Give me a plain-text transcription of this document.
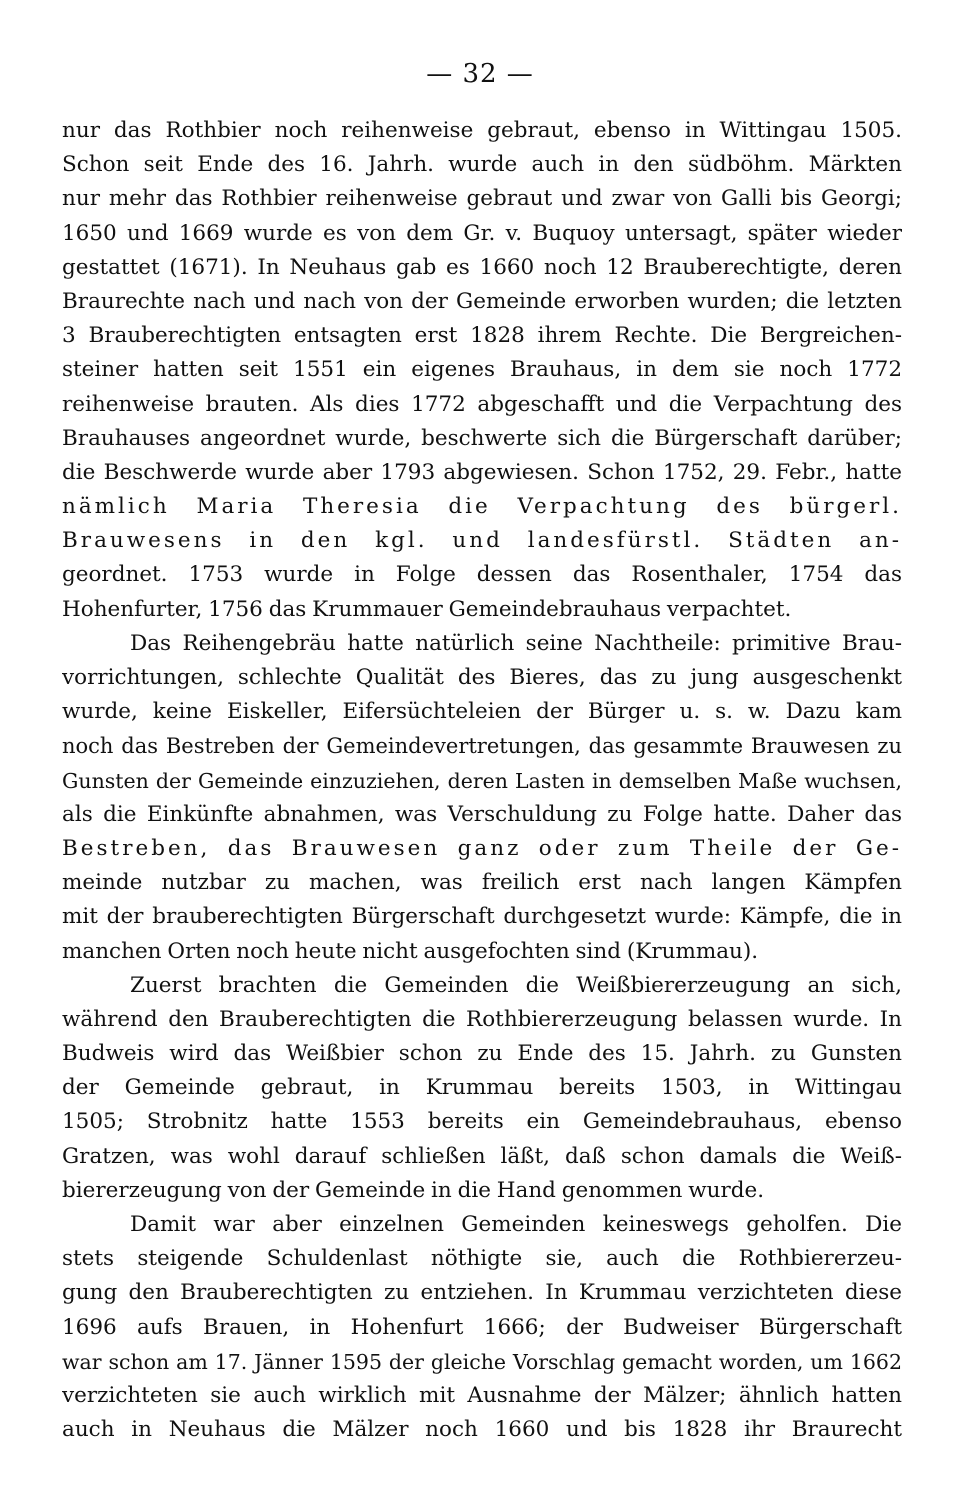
— 32 —
nur das Rothbier noch reihenweise gebraut, ebenso in Wittingau 1505.
Schon seit Ende des 16. Jahrh. wurde auch in den südböhm. Märkten
nur mehr das Rothbier reihenweise gebraut und zwar von Galli bis Georgi;
1650 und 1669 wurde es von dem Gr. v. Buquoy untersagt, später wieder
gestattet (1671). In Neuhaus gab es 1660 noch 12 Brauberechtigte, deren
Braurechte nach und nach von der Gemeinde erworben wurden; die letzten
3 Brauberechtigten entsagten erst 1828 ihrem Rechte. Die Bergreichen-
steiner hatten seit 1551 ein eigenes Brauhaus, in dem sie noch 1772
reihenweise brauten. Als dies 1772 abgeschafft und die Verpachtung des
Brauhauses angeordnet wurde, beschwerte sich die Bürgerschaft darüber;
die Beschwerde wurde aber 1793 abgewiesen. Schon 1752, 29. Febr., hatte
nämlich Maria Theresia die Verpachtung des bürgerl.
Brauwesens in den kgl. und landesfürstl. Städten an-
geordnet. 1753 wurde in Folge dessen das Rosenthaler, 1754 das
Hohenfurter, 1756 das Krummauer Gemeindebrauhaus verpachtet.
Das Reihengebräu hatte natürlich seine Nachtheile: primitive Brau-
vorrichtungen, schlechte Qualität des Bieres, das zu jung ausgeschenkt
wurde, keine Eiskeller, Eifersüchteleien der Bürger u. s. w. Dazu kam
noch das Bestreben der Gemeindevertretungen, das gesammte Brauwesen zu
Gunsten der Gemeinde einzuziehen, deren Lasten in demselben Maße wuchsen,
als die Einkünfte abnahmen, was Verschuldung zu Folge hatte. Daher das
Bestreben, das Brauwesen ganz oder zum Theile der Ge-
meinde nutzbar zu machen, was freilich erst nach langen Kämpfen
mit der brauberechtigten Bürgerschaft durchgesetzt wurde: Kämpfe, die in
manchen Orten noch heute nicht ausgefochten sind (Krummau).
Zuerst brachten die Gemeinden die Weißbiererzeugung an sich,
während den Brauberechtigten die Rothbiererzeugung belassen wurde. In
Budweis wird das Weißbier schon zu Ende des 15. Jahrh. zu Gunsten
der Gemeinde gebraut, in Krummau bereits 1503, in Wittingau
1505; Strobnitz hatte 1553 bereits ein Gemeindebrauhaus, ebenso
Gratzen, was wohl darauf schließen läßt, daß schon damals die Weiß-
biererzeugung von der Gemeinde in die Hand genommen wurde.
Damit war aber einzelnen Gemeinden keineswegs geholfen. Die
stets steigende Schuldenlast nöthigte sie, auch die Rothbiererzeu-
gung den Brauberechtigten zu entziehen. In Krummau verzichteten diese
1696 aufs Brauen, in Hohenfurt 1666; der Budweiser Bürgerschaft
war schon am 17. Jänner 1595 der gleiche Vorschlag gemacht worden, um 1662
verzichteten sie auch wirklich mit Ausnahme der Mälzer; ähnlich hatten
auch in Neuhaus die Mälzer noch 1660 und bis 1828 ihr Braurecht
